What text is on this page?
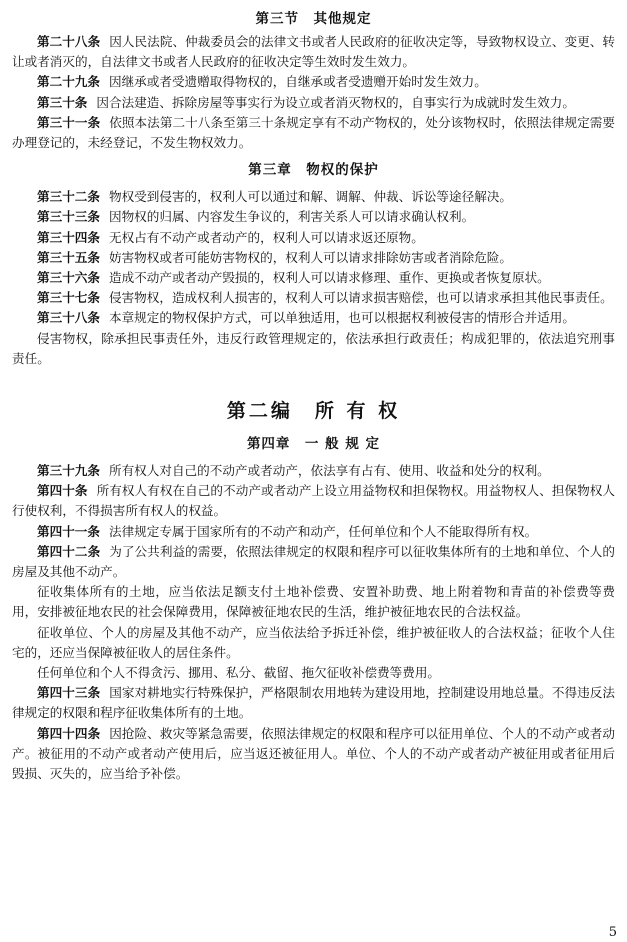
第三节　其他规定

第二十八条 因人民法院、仲裁委员会的法律文书或者人民政府的征收决定等，导致物权设立、变更、转让或者消灭的，自法律文书或者人民政府的征收决定等生效时发生效力。

第二十九条 因继承或者受遗赠取得物权的，自继承或者受遗赠开始时发生效力。

第三十条 因合法建造、拆除房屋等事实行为设立或者消灭物权的，自事实行为成就时发生效力。

第三十一条 依照本法第二十八条至第三十条规定享有不动产物权的，处分该物权时，依照法律规定需要办理登记的，未经登记，不发生物权效力。

第三章　物权的保护

第三十二条 物权受到侵害的，权利人可以通过和解、调解、仲裁、诉讼等途径解决。

第三十三条 因物权的归属、内容发生争议的，利害关系人可以请求确认权利。

第三十四条 无权占有不动产或者动产的，权利人可以请求返还原物。

第三十五条 妨害物权或者可能妨害物权的，权利人可以请求排除妨害或者消除危险。

第三十六条 造成不动产或者动产毁损的，权利人可以请求修理、重作、更换或者恢复原状。

第三十七条 侵害物权，造成权利人损害的，权利人可以请求损害赔偿，也可以请求承担其他民事责任。

第三十八条 本章规定的物权保护方式，可以单独适用，也可以根据权利被侵害的情形合并适用。

侵害物权，除承担民事责任外，违反行政管理规定的，依法承担行政责任；构成犯罪的，依法追究刑事责任。

第二编　所 有 权
第四章　一 般 规 定

第三十九条 所有权人对自己的不动产或者动产，依法享有占有、使用、收益和处分的权利。

第四十条 所有权人有权在自己的不动产或者动产上设立用益物权和担保物权。用益物权人、担保物权人行使权利，不得损害所有权人的权益。

第四十一条 法律规定专属于国家所有的不动产和动产，任何单位和个人不能取得所有权。

第四十二条 为了公共利益的需要，依照法律规定的权限和程序可以征收集体所有的土地和单位、个人的房屋及其他不动产。

征收集体所有的土地，应当依法足额支付土地补偿费、安置补助费、地上附着物和青苗的补偿费等费用，安排被征地农民的社会保障费用，保障被征地农民的生活，维护被征地农民的合法权益。

征收单位、个人的房屋及其他不动产，应当依法给予拆迁补偿，维护被征收人的合法权益；征收个人住宅的，还应当保障被征收人的居住条件。

任何单位和个人不得贪污、挪用、私分、截留、拖欠征收补偿费等费用。

第四十三条 国家对耕地实行特殊保护，严格限制农用地转为建设用地，控制建设用地总量。不得违反法律规定的权限和程序征收集体所有的土地。

第四十四条 因抢险、救灾等紧急需要，依照法律规定的权限和程序可以征用单位、个人的不动产或者动产。被征用的不动产或者动产使用后，应当返还被征用人。单位、个人的不动产或者动产被征用或者征用后毁损、灭失的，应当给予补偿。

5
